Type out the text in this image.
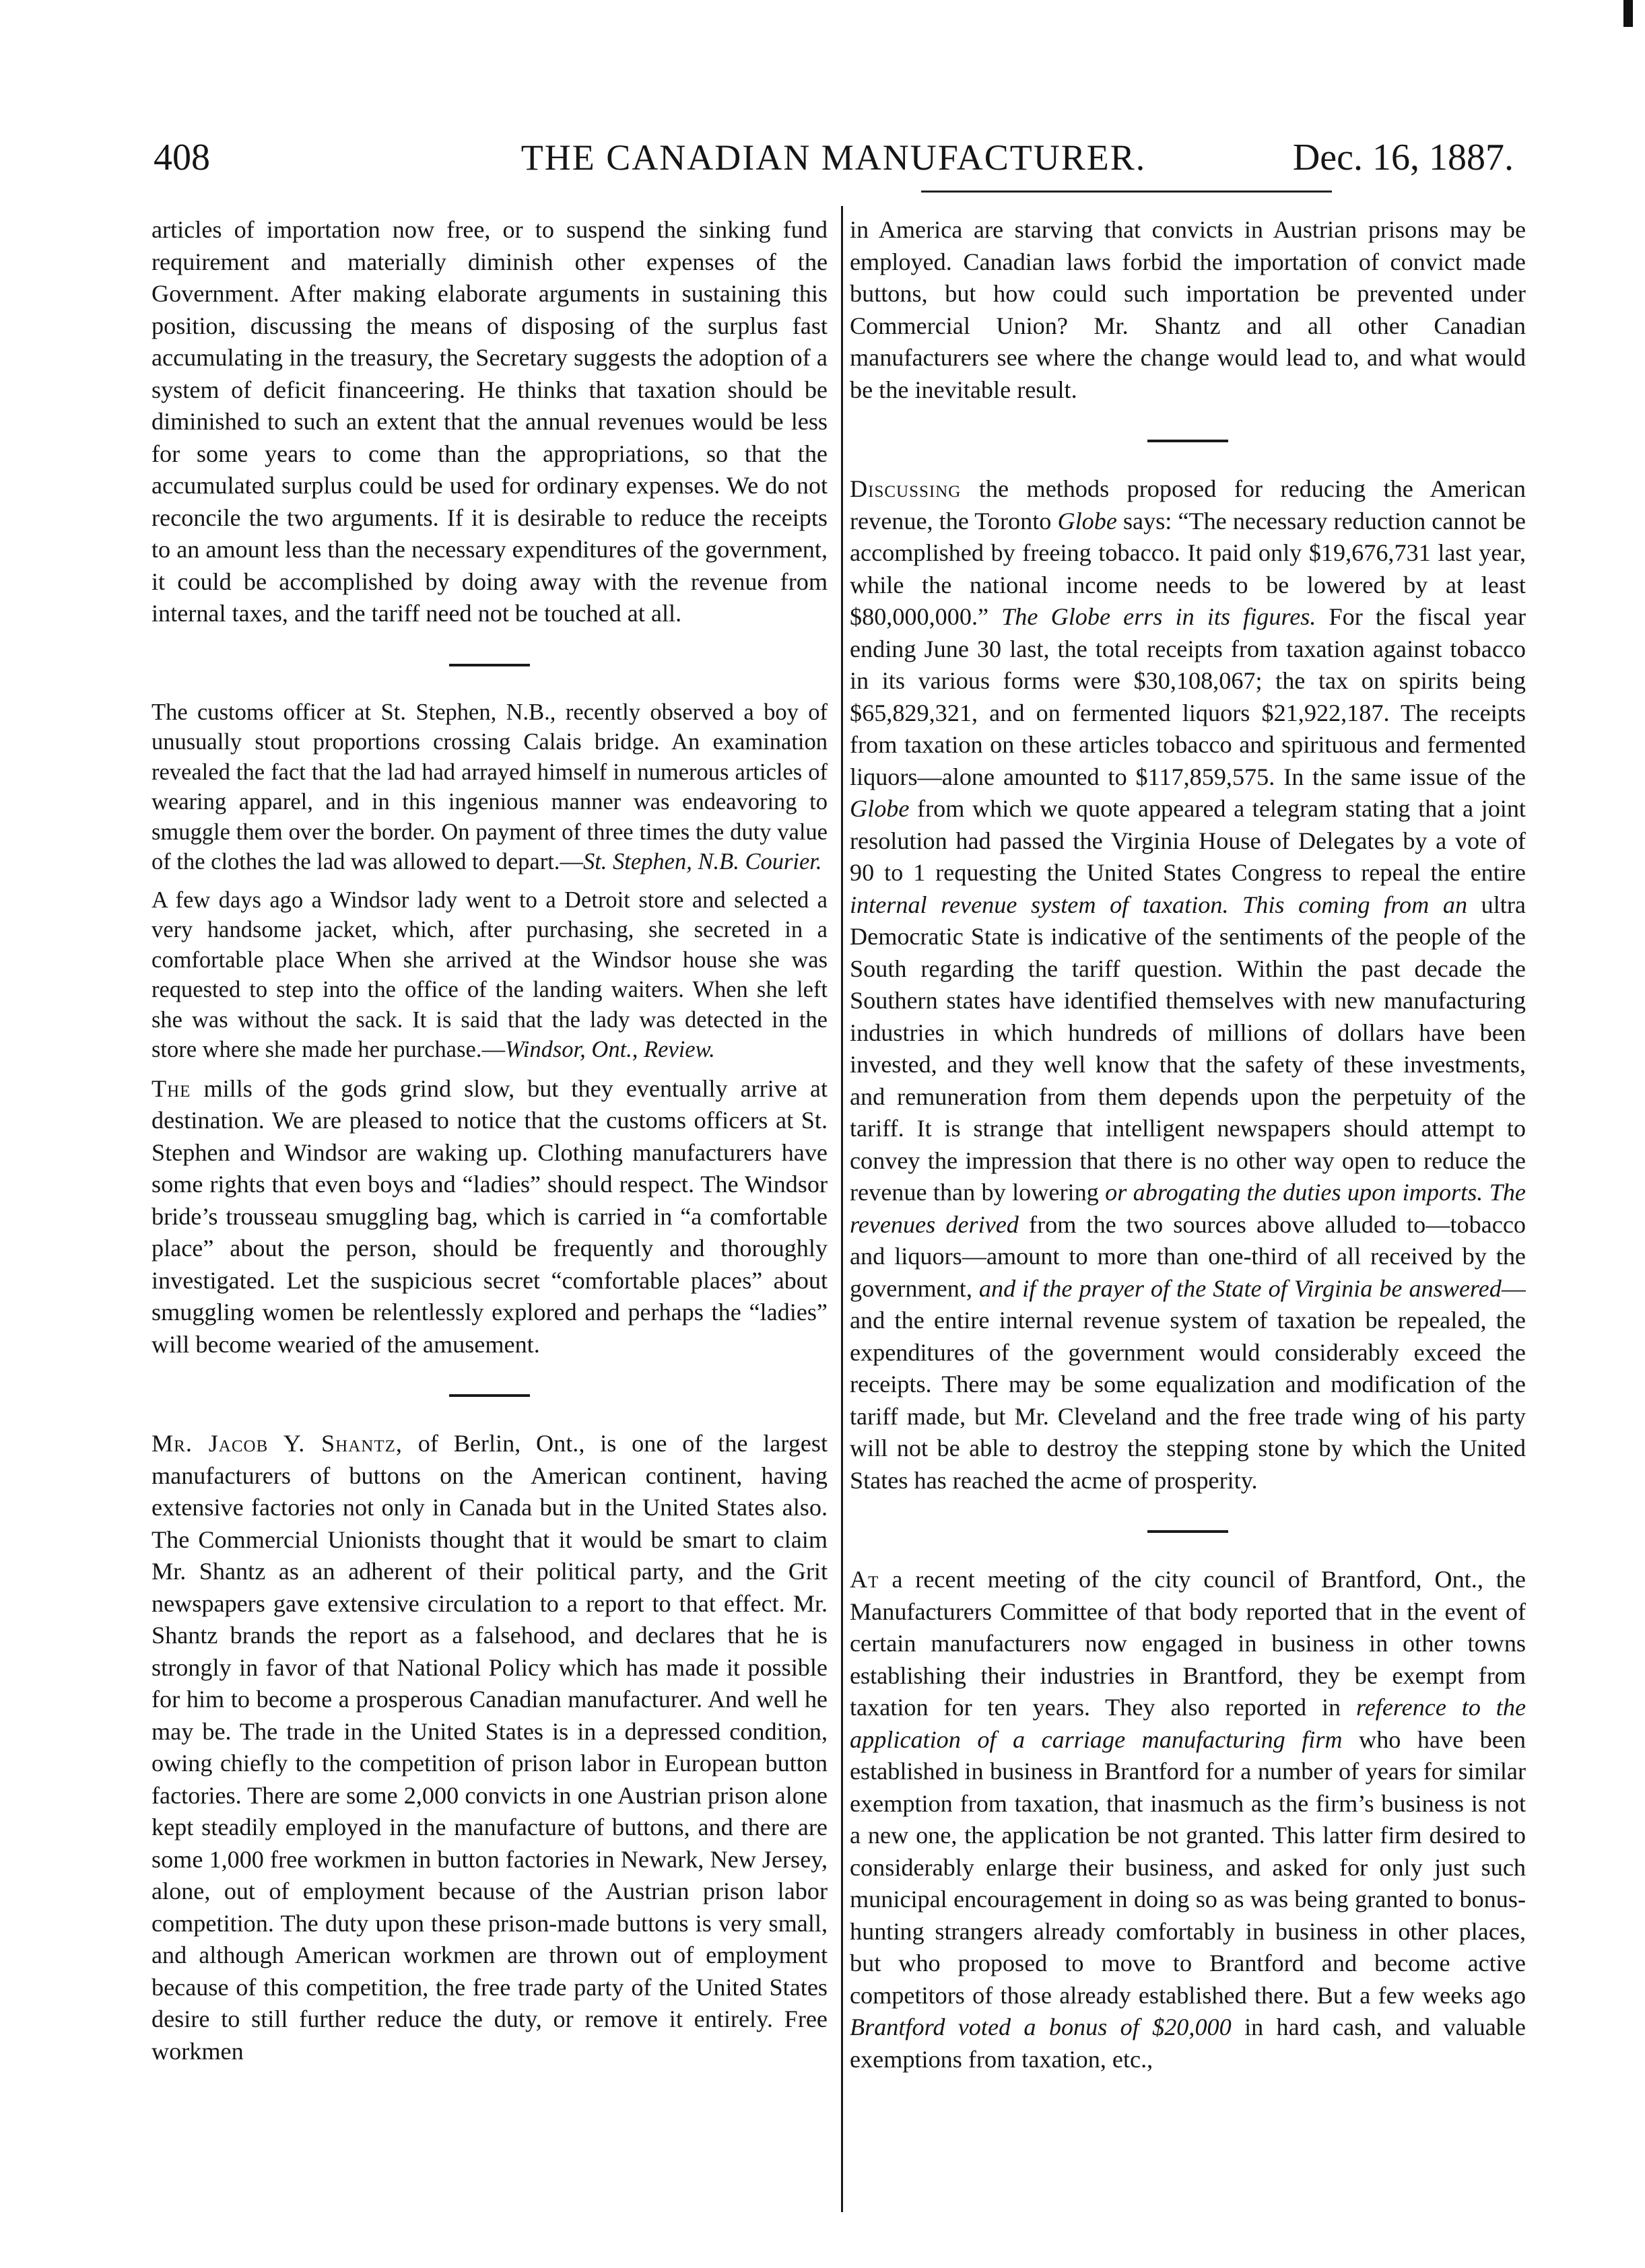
408	THE CANADIAN MANUFACTURER.	Dec. 16, 1887.

articles of importation now free, or to suspend the sinking fund requirement and materially diminish other expenses of the Government. After making elaborate arguments in sustaining this position, discussing the means of disposing of the surplus fast accumulating in the treasury, the Secretary suggests the adoption of a system of deficit financeering. He thinks that taxation should be diminished to such an extent that the annual revenues would be less for some years to come than the appropriations, so that the accumulated surplus could be used for ordinary expenses. We do not reconcile the two arguments. If it is desirable to reduce the receipts to an amount less than the necessary expenditures of the government, it could be accomplished by doing away with the revenue from internal taxes, and the tariff need not be touched at all.

The customs officer at St. Stephen, N.B., recently observed a boy of unusually stout proportions crossing Calais bridge. An examination revealed the fact that the lad had arrayed himself in numerous articles of wearing apparel, and in this ingenious manner was endeavoring to smuggle them over the border. On payment of three times the duty value of the clothes the lad was allowed to depart.—St. Stephen, N.B. Courier.

A few days ago a Windsor lady went to a Detroit store and selected a very handsome jacket, which, after purchasing, she secreted in a comfortable place When she arrived at the Windsor house she was requested to step into the office of the landing waiters. When she left she was without the sack. It is said that the lady was detected in the store where she made her purchase.—Windsor, Ont., Review.

The mills of the gods grind slow, but they eventually arrive at destination. We are pleased to notice that the customs officers at St. Stephen and Windsor are waking up. Clothing manufacturers have some rights that even boys and “ladies” should respect. The Windsor bride’s trousseau smuggling bag, which is carried in “a comfortable place” about the person, should be frequently and thoroughly investigated. Let the suspicious secret “comfortable places” about smuggling women be relentlessly explored and perhaps the “ladies” will become wearied of the amusement.

Mr. Jacob Y. Shantz, of Berlin, Ont., is one of the largest manufacturers of buttons on the American continent, having extensive factories not only in Canada but in the United States also. The Commercial Unionists thought that it would be smart to claim Mr. Shantz as an adherent of their political party, and the Grit newspapers gave extensive circulation to a report to that effect. Mr. Shantz brands the report as a falsehood, and declares that he is strongly in favor of that National Policy which has made it possible for him to become a prosperous Canadian manufacturer. And well he may be. The trade in the United States is in a depressed condition, owing chiefly to the competition of prison labor in European button factories. There are some 2,000 convicts in one Austrian prison alone kept steadily employed in the manufacture of buttons, and there are some 1,000 free workmen in button factories in Newark, New Jersey, alone, out of employment because of the Austrian prison labor competition. The duty upon these prison-made buttons is very small, and although American workmen are thrown out of employment because of this competition, the free trade party of the United States desire to still further reduce the duty, or remove it entirely. Free workmen

in America are starving that convicts in Austrian prisons may be employed. Canadian laws forbid the importation of convict made buttons, but how could such importation be prevented under Commercial Union? Mr. Shantz and all other Canadian manufacturers see where the change would lead to, and what would be the inevitable result.

Discussing the methods proposed for reducing the American revenue, the Toronto Globe says: “The necessary reduction cannot be accomplished by freeing tobacco. It paid only $19,676,731 last year, while the national income needs to be lowered by at least $80,000,000.” The Globe errs in its figures. For the fiscal year ending June 30 last, the total receipts from taxation against tobacco in its various forms were $30,108,067; the tax on spirits being $65,829,321, and on fermented liquors $21,922,187. The receipts from taxation on these articles tobacco and spirituous and fermented liquors—alone amounted to $117,859,575. In the same issue of the Globe from which we quote appeared a telegram stating that a joint resolution had passed the Virginia House of Delegates by a vote of 90 to 1 requesting the United States Congress to repeal the entire internal revenue system of taxation. This coming from an ultra Democratic State is indicative of the sentiments of the people of the South regarding the tariff question. Within the past decade the Southern states have identified themselves with new manufacturing industries in which hundreds of millions of dollars have been invested, and they well know that the safety of these investments, and remuneration from them depends upon the perpetuity of the tariff. It is strange that intelligent newspapers should attempt to convey the impression that there is no other way open to reduce the revenue than by lowering or abrogating the duties upon imports. The revenues derived from the two sources above alluded to—tobacco and liquors—amount to more than one-third of all received by the government, and if the prayer of the State of Virginia be answered—and the entire internal revenue system of taxation be repealed, the expenditures of the government would considerably exceed the receipts. There may be some equalization and modification of the tariff made, but Mr. Cleveland and the free trade wing of his party will not be able to destroy the stepping stone by which the United States has reached the acme of prosperity.

At a recent meeting of the city council of Brantford, Ont., the Manufacturers Committee of that body reported that in the event of certain manufacturers now engaged in business in other towns establishing their industries in Brantford, they be exempt from taxation for ten years. They also reported in reference to the application of a carriage manufacturing firm who have been established in business in Brantford for a number of years for similar exemption from taxation, that inasmuch as the firm’s business is not a new one, the application be not granted. This latter firm desired to considerably enlarge their business, and asked for only just such municipal encouragement in doing so as was being granted to bonus-hunting strangers already comfortably in business in other places, but who proposed to move to Brantford and become active competitors of those already established there. But a few weeks ago Brantford voted a bonus of $20,000 in hard cash, and valuable exemptions from taxation, etc.,
